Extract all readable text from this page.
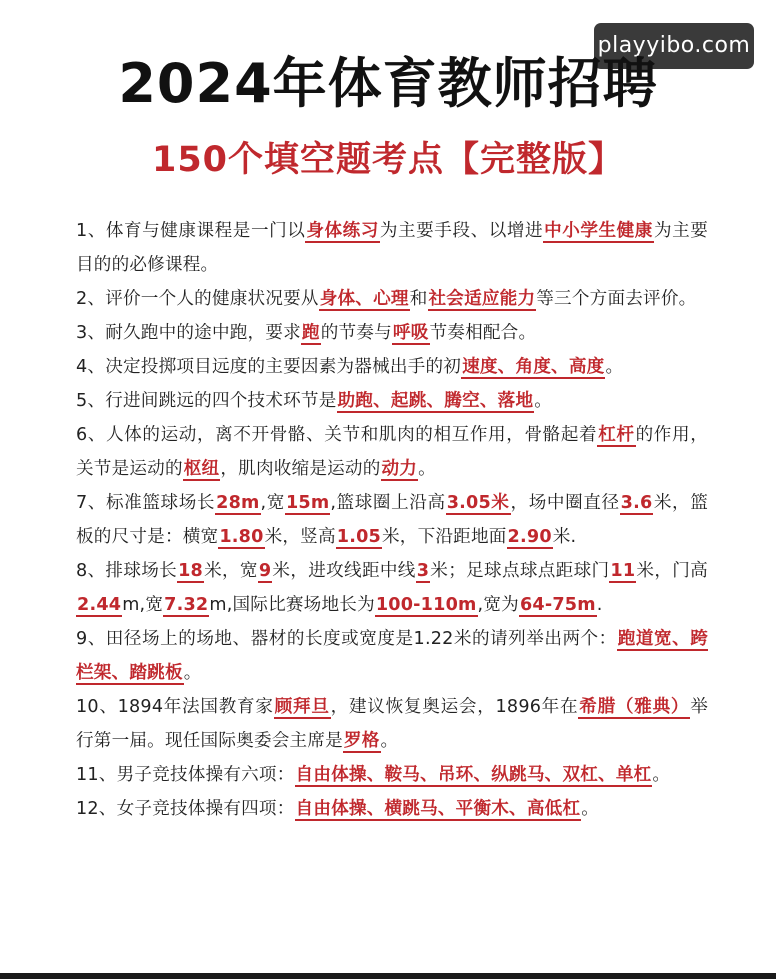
playyibo.com
2024年体育教师招聘
150个填空题考点【完整版】
1、体育与健康课程是一门以身体练习为主要手段、以增进中小学生健康为主要目的的必修课程。
2、评价一个人的健康状况要从身体、心理和社会适应能力等三个方面去评价。
3、耐久跑中的途中跑，要求跑的节奏与呼吸节奏相配合。
4、决定投掷项目远度的主要因素为器械出手的初速度、角度、高度。
5、行进间跳远的四个技术环节是助跑、起跳、腾空、落地。
6、人体的运动，离不开骨骼、关节和肌肉的相互作用，骨骼起着杠杆的作用，关节是运动的枢纽，肌肉收缩是运动的动力。
7、标准篮球场长28m,宽15m,篮球圈上沿高3.05米，场中圈直径3.6米，篮板的尺寸是：横宽1.80米，竖高1.05米，下沿距地面2.90米.
8、排球场长18米，宽9米，进攻线距中线3米；足球点球点距球门11米，门高2.44m,宽7.32m,国际比赛场地长为100-110m,宽为64-75m.
9、田径场上的场地、器材的长度或宽度是1.22米的请列举出两个：跑道宽、跨栏架、踏跳板。
10、1894年法国教育家顾拜旦，建议恢复奥运会，1896年在希腊（雅典）举行第一届。现任国际奥委会主席是罗格。
11、男子竞技体操有六项：自由体操、鞍马、吊环、纵跳马、双杠、单杠。
12、女子竞技体操有四项：自由体操、横跳马、平衡木、高低杠。
